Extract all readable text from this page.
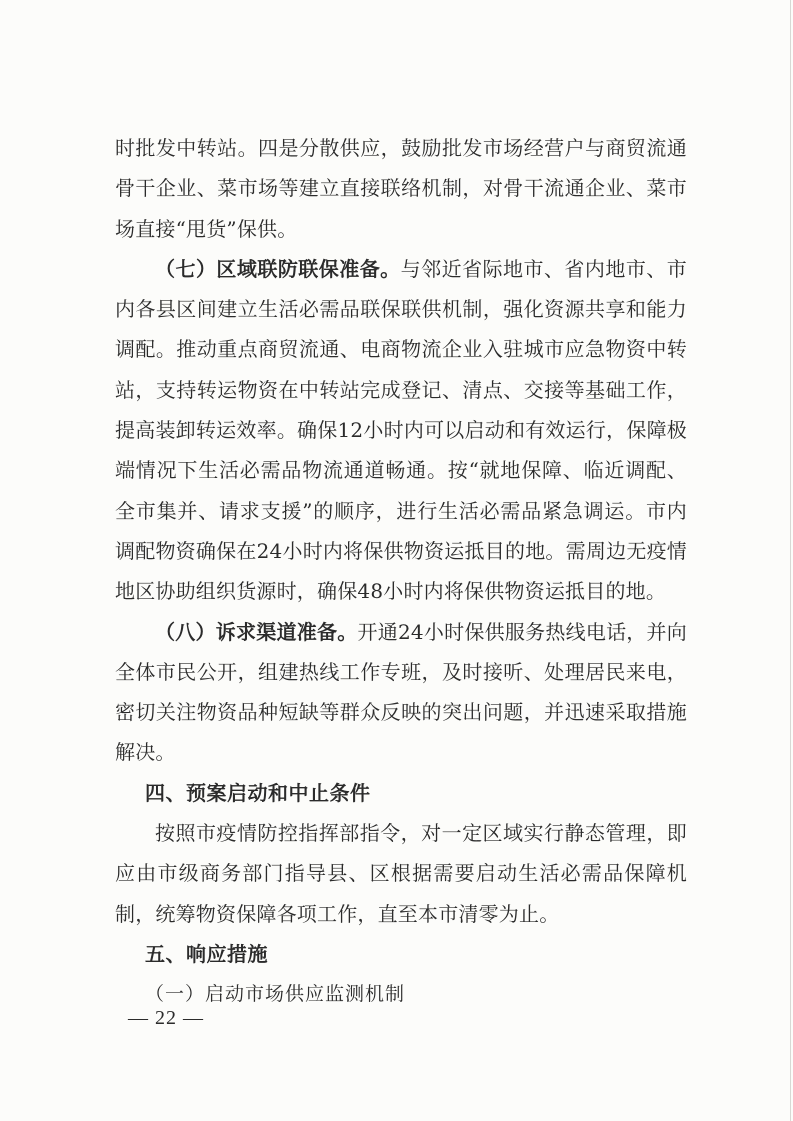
时批发中转站。四是分散供应，鼓励批发市场经营户与商贸流通骨干企业、菜市场等建立直接联络机制，对骨干流通企业、菜市场直接“甩货”保供。

（七）区域联防联保准备。与邻近省际地市、省内地市、市内各县区间建立生活必需品联保联供机制，强化资源共享和能力调配。推动重点商贸流通、电商物流企业入驻城市应急物资中转站，支持转运物资在中转站完成登记、清点、交接等基础工作，提高装卸转运效率。确保12小时内可以启动和有效运行，保障极端情况下生活必需品物流通道畅通。按“就地保障、临近调配、全市集并、请求支援”的顺序，进行生活必需品紧急调运。市内调配物资确保在24小时内将保供物资运抵目的地。需周边无疫情地区协助组织货源时，确保48小时内将保供物资运抵目的地。

（八）诉求渠道准备。开通24小时保供服务热线电话，并向全体市民公开，组建热线工作专班，及时接听、处理居民来电，密切关注物资品种短缺等群众反映的突出问题，并迅速采取措施解决。

四、预案启动和中止条件

按照市疫情防控指挥部指令，对一定区域实行静态管理，即应由市级商务部门指导县、区根据需要启动生活必需品保障机制，统筹物资保障各项工作，直至本市清零为止。

五、响应措施

（一）启动市场供应监测机制

— 22 —
